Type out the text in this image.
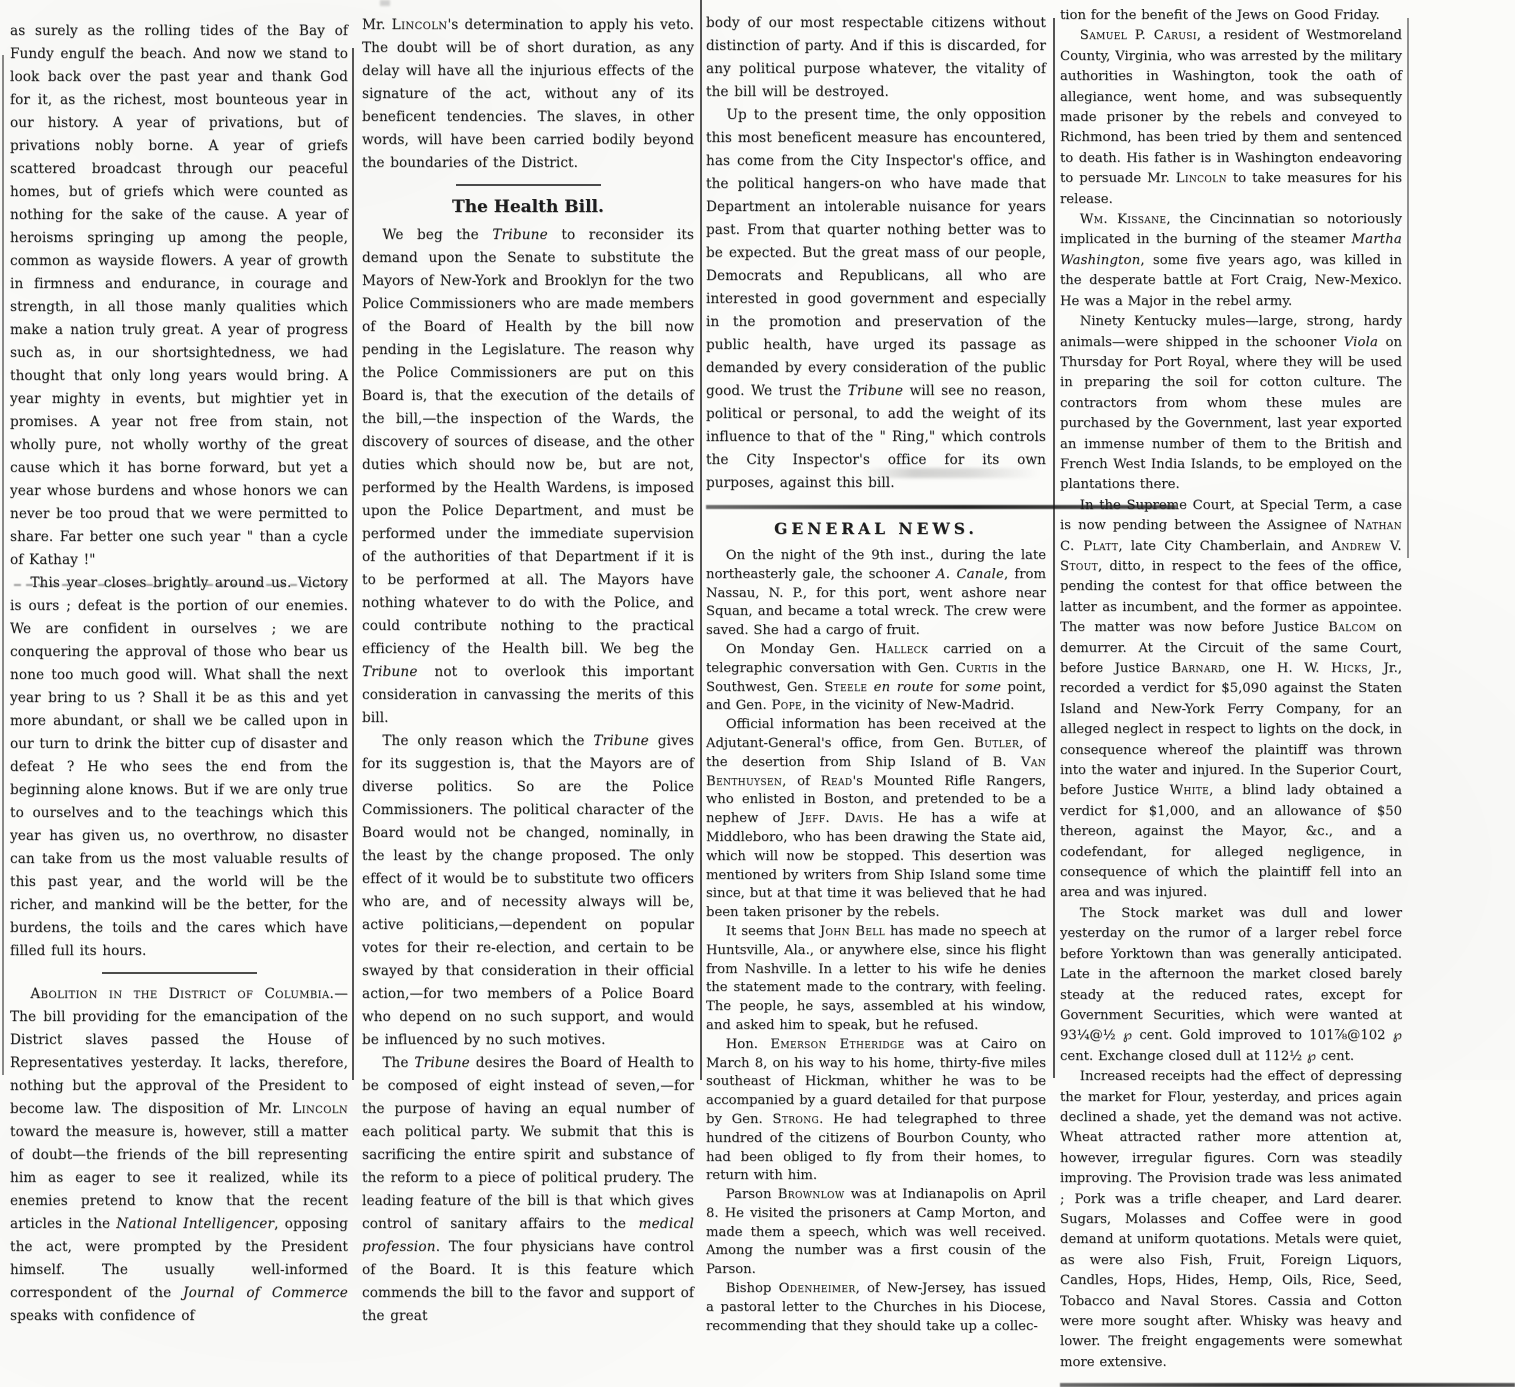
as surely as the rolling tides of the Bay of Fundy engulf the beach. And now we stand to look back over the past year and thank God for it, as the richest, most bounteous year in our history. A year of privations, but of privations nobly borne. A year of griefs scattered broadcast through our peaceful homes, but of griefs which were counted as nothing for the sake of the cause. A year of heroisms springing up among the people, common as wayside flowers. A year of growth in firmness and endurance, in courage and strength, in all those manly qualities which make a nation truly great. A year of progress such as, in our shortsightedness, we had thought that only long years would bring. A year mighty in events, but mightier yet in promises. A year not free from stain, not wholly pure, not wholly worthy of the great cause which it has borne forward, but yet a year whose burdens and whose honors we can never be too proud that we were permitted to share. Far better one such year " than a cycle of Kathay !"

This year closes brightly around us. Victory is ours ; defeat is the portion of our enemies. We are confident in ourselves ; we are conquering the approval of those who bear us none too much good will. What shall the next year bring to us ? Shall it be as this and yet more abundant, or shall we be called upon in our turn to drink the bitter cup of disaster and defeat ? He who sees the end from the beginning alone knows. But if we are only true to ourselves and to the teachings which this year has given us, no overthrow, no disaster can take from us the most valuable results of this past year, and the world will be the richer, and mankind will be the better, for the burdens, the toils and the cares which have filled full its hours.

Abolition in the District of Columbia.— The bill providing for the emancipation of the District slaves passed the House of Representatives yesterday. It lacks, therefore, nothing but the approval of the President to become law. The disposition of Mr. Lincoln toward the measure is, however, still a matter of doubt—the friends of the bill representing him as eager to see it realized, while its enemies pretend to know that the recent articles in the National Intelligencer, opposing the act, were prompted by the President himself. The usually well-informed correspondent of the Journal of Commerce speaks with confidence of

Mr. Lincoln's determination to apply his veto. The doubt will be of short duration, as any delay will have all the injurious effects of the signature of the act, without any of its beneficent tendencies. The slaves, in other words, will have been carried bodily beyond the boundaries of the District.

The Health Bill.

We beg the Tribune to reconsider its demand upon the Senate to substitute the Mayors of New-York and Brooklyn for the two Police Commissioners who are made members of the Board of Health by the bill now pending in the Legislature. The reason why the Police Commissioners are put on this Board is, that the execution of the details of the bill,—the inspection of the Wards, the discovery of sources of disease, and the other duties which should now be, but are not, performed by the Health Wardens, is imposed upon the Police Department, and must be performed under the immediate supervision of the authorities of that Department if it is to be performed at all. The Mayors have nothing whatever to do with the Police, and could contribute nothing to the practical efficiency of the Health bill. We beg the Tribune not to overlook this important consideration in canvassing the merits of this bill.

The only reason which the Tribune gives for its suggestion is, that the Mayors are of diverse politics. So are the Police Commissioners. The political character of the Board would not be changed, nominally, in the least by the change proposed. The only effect of it would be to substitute two officers who are, and of necessity always will be, active politicians,—dependent on popular votes for their re-election, and certain to be swayed by that consideration in their official action,—for two members of a Police Board who depend on no such support, and would be influenced by no such motives.

The Tribune desires the Board of Health to be composed of eight instead of seven,—for the purpose of having an equal number of each political party. We submit that this is sacrificing the entire spirit and substance of the reform to a piece of political prudery. The leading feature of the bill is that which gives control of sanitary affairs to the medical profession. The four physicians have control of the Board. It is this feature which commends the bill to the favor and support of the great

body of our most respectable citizens without distinction of party. And if this is discarded, for any political purpose whatever, the vitality of the bill will be destroyed.

Up to the present time, the only opposition this most beneficent measure has encountered, has come from the City Inspector's office, and the political hangers-on who have made that Department an intolerable nuisance for years past. From that quarter nothing better was to be expected. But the great mass of our people, Democrats and Republicans, all who are interested in good government and especially in the promotion and preservation of the public health, have urged its passage as demanded by every consideration of the public good. We trust the Tribune will see no reason, political or personal, to add the weight of its influence to that of the " Ring," which controls the City Inspector's office for its own purposes, against this bill.

GENERAL NEWS.

On the night of the 9th inst., during the late northeasterly gale, the schooner A. Canale, from Nassau, N. P., for this port, went ashore near Squan, and became a total wreck. The crew were saved. She had a cargo of fruit.

On Monday Gen. Halleck carried on a telegraphic conversation with Gen. Curtis in the Southwest, Gen. Steele en route for some point, and Gen. Pope, in the vicinity of New-Madrid.

Official information has been received at the Adjutant-General's office, from Gen. Butler, of the desertion from Ship Island of B. Van Benthuysen, of Read's Mounted Rifle Rangers, who enlisted in Boston, and pretended to be a nephew of Jeff. Davis. He has a wife at Middleboro, who has been drawing the State aid, which will now be stopped. This desertion was mentioned by writers from Ship Island some time since, but at that time it was believed that he had been taken prisoner by the rebels.

It seems that John Bell has made no speech at Huntsville, Ala., or anywhere else, since his flight from Nashville. In a letter to his wife he denies the statement made to the contrary, with feeling. The people, he says, assembled at his window, and asked him to speak, but he refused.

Hon. Emerson Etheridge was at Cairo on March 8, on his way to his home, thirty-five miles southeast of Hickman, whither he was to be accompanied by a guard detailed for that purpose by Gen. Strong. He had telegraphed to three hundred of the citizens of Bourbon County, who had been obliged to fly from their homes, to return with him.

Parson Brownlow was at Indianapolis on April 8. He visited the prisoners at Camp Morton, and made them a speech, which was well received. Among the number was a first cousin of the Parson.

Bishop Odenheimer, of New-Jersey, has issued a pastoral letter to the Churches in his Diocese, recommending that they should take up a collec-

tion for the benefit of the Jews on Good Friday.

Samuel P. Carusi, a resident of Westmoreland County, Virginia, who was arrested by the military authorities in Washington, took the oath of allegiance, went home, and was subsequently made prisoner by the rebels and conveyed to Richmond, has been tried by them and sentenced to death. His father is in Washington endeavoring to persuade Mr. Lincoln to take measures for his release.

Wm. Kissane, the Cincinnatian so notoriously implicated in the burning of the steamer Martha Washington, some five years ago, was killed in the desperate battle at Fort Craig, New-Mexico. He was a Major in the rebel army.

Ninety Kentucky mules—large, strong, hardy animals—were shipped in the schooner Viola on Thursday for Port Royal, where they will be used in preparing the soil for cotton culture. The contractors from whom these mules are purchased by the Government, last year exported an immense number of them to the British and French West India Islands, to be employed on the plantations there.

In the Supreme Court, at Special Term, a case is now pending between the Assignee of Nathan C. Platt, late City Chamberlain, and Andrew V. Stout, ditto, in respect to the fees of the office, pending the contest for that office between the latter as incumbent, and the former as appointee. The matter was now before Justice Balcom on demurrer. At the Circuit of the same Court, before Justice Barnard, one H. W. Hicks, Jr., recorded a verdict for $5,090 against the Staten Island and New-York Ferry Company, for an alleged neglect in respect to lights on the dock, in consequence whereof the plaintiff was thrown into the water and injured. In the Superior Court, before Justice White, a blind lady obtained a verdict for $1,000, and an allowance of $50 thereon, against the Mayor, &c., and a codefendant, for alleged negligence, in consequence of which the plaintiff fell into an area and was injured.

The Stock market was dull and lower yesterday on the rumor of a larger rebel force before Yorktown than was generally anticipated. Late in the afternoon the market closed barely steady at the reduced rates, except for Government Securities, which were wanted at 93¼@½ ℘ cent. Gold improved to 101⅞@102 ℘ cent. Exchange closed dull at 112½ ℘ cent.

Increased receipts had the effect of depressing the market for Flour, yesterday, and prices again declined a shade, yet the demand was not active. Wheat attracted rather more attention at, however, irregular figures. Corn was steadily improving. The Provision trade was less animated ; Pork was a trifle cheaper, and Lard dearer. Sugars, Molasses and Coffee were in good demand at uniform quotations. Metals were quiet, as were also Fish, Fruit, Foreign Liquors, Candles, Hops, Hides, Hemp, Oils, Rice, Seed, Tobacco and Naval Stores. Cassia and Cotton were more sought after. Whisky was heavy and lower. The freight engagements were somewhat more extensive.
